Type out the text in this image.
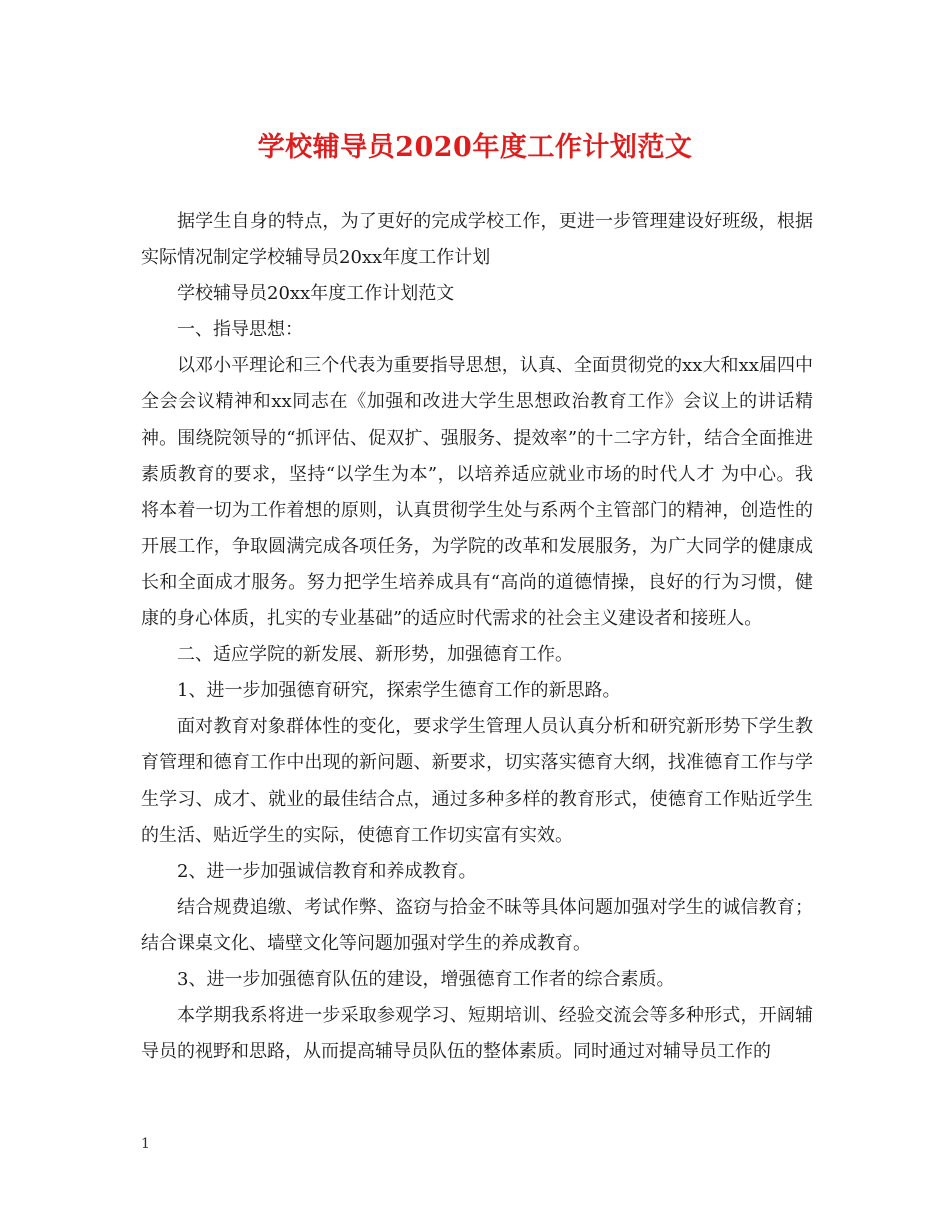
学校辅导员2020年度工作计划范文

据学生自身的特点，为了更好的完成学校工作，更进一步管理建设好班级，根据实际情况制定学校辅导员20xx年度工作计划

学校辅导员20xx年度工作计划范文

一、指导思想：

以邓小平理论和三个代表为重要指导思想，认真、全面贯彻党的xx大和xx届四中全会会议精神和xx同志在《加强和改进大学生思想政治教育工作》会议上的讲话精神。围绕院领导的“抓评估、促双扩、强服务、提效率”的十二字方针，结合全面推进素质教育的要求，坚持“以学生为本”，以培养适应就业市场的时代人才 为中心。我将本着一切为工作着想的原则，认真贯彻学生处与系两个主管部门的精神，创造性的开展工作，争取圆满完成各项任务，为学院的改革和发展服务，为广大同学的健康成长和全面成才服务。努力把学生培养成具有“高尚的道德情操，良好的行为习惯，健康的身心体质，扎实的专业基础”的适应时代需求的社会主义建设者和接班人。

二、适应学院的新发展、新形势，加强德育工作。

1、进一步加强德育研究，探索学生德育工作的新思路。

面对教育对象群体性的变化，要求学生管理人员认真分析和研究新形势下学生教育管理和德育工作中出现的新问题、新要求，切实落实德育大纲，找准德育工作与学生学习、成才、就业的最佳结合点，通过多种多样的教育形式，使德育工作贴近学生的生活、贴近学生的实际，使德育工作切实富有实效。

2、进一步加强诚信教育和养成教育。

结合规费追缴、考试作弊、盗窃与拾金不昧等具体问题加强对学生的诚信教育；结合课桌文化、墙壁文化等问题加强对学生的养成教育。

3、进一步加强德育队伍的建设，增强德育工作者的综合素质。

本学期我系将进一步采取参观学习、短期培训、经验交流会等多种形式，开阔辅导员的视野和思路，从而提高辅导员队伍的整体素质。同时通过对辅导员工作的

1
